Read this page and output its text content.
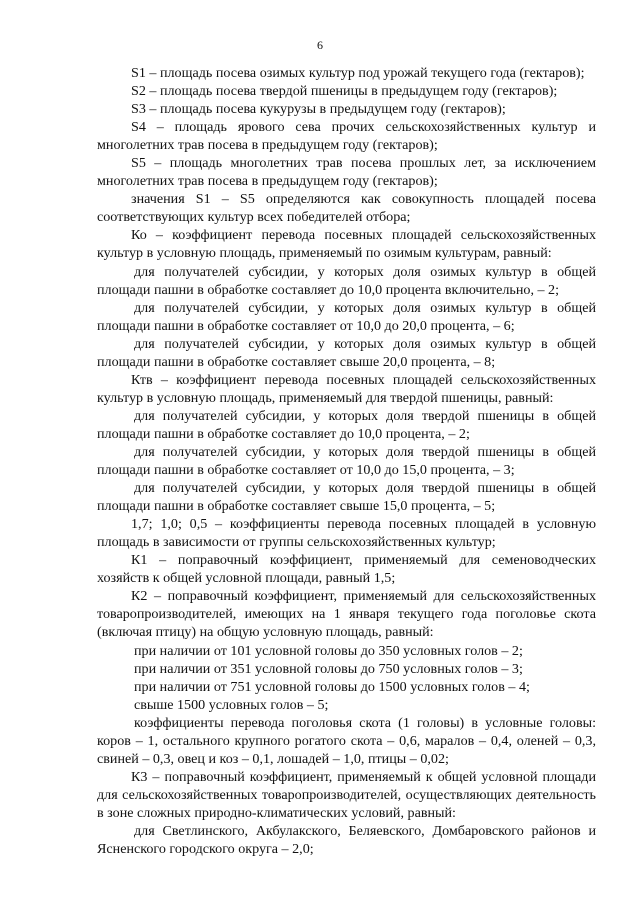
6

S1 – площадь посева озимых культур под урожай текущего года (гектаров);

S2 – площадь посева твердой пшеницы в предыдущем году (гектаров);

S3 – площадь посева кукурузы в предыдущем году (гектаров);

S4 – площадь ярового сева прочих сельскохозяйственных культур и многолетних трав посева в предыдущем году (гектаров);

S5 – площадь многолетних трав посева прошлых лет, за исключением многолетних трав посева в предыдущем году (гектаров);

значения S1 – S5 определяются как совокупность площадей посева соответствующих культур всех победителей отбора;

Ко – коэффициент перевода посевных площадей сельскохозяйственных культур в условную площадь, применяемый по озимым культурам, равный:

для получателей субсидии, у которых доля озимых культур в общей площади пашни в обработке составляет до 10,0 процента включительно, – 2;

для получателей субсидии, у которых доля озимых культур в общей площади пашни в обработке составляет от 10,0 до 20,0 процента, – 6;

для получателей субсидии, у которых доля озимых культур в общей площади пашни в обработке составляет свыше 20,0 процента, – 8;

Ктв – коэффициент перевода посевных площадей сельскохозяйственных культур в условную площадь, применяемый для твердой пшеницы, равный:

для получателей субсидии, у которых доля твердой пшеницы в общей площади пашни в обработке составляет до 10,0 процента, – 2;

для получателей субсидии, у которых доля твердой пшеницы в общей площади пашни в обработке составляет от 10,0 до 15,0 процента, – 3;

для получателей субсидии, у которых доля твердой пшеницы в общей площади пашни в обработке составляет свыше 15,0 процента, – 5;

1,7; 1,0; 0,5 – коэффициенты перевода посевных площадей в условную площадь в зависимости от группы сельскохозяйственных культур;

К1 – поправочный коэффициент, применяемый для семеноводческих хозяйств к общей условной площади, равный 1,5;

К2 – поправочный коэффициент, применяемый для сельскохозяйственных товаропроизводителей, имеющих на 1 января текущего года поголовье скота (включая птицу) на общую условную площадь, равный:

при наличии от 101 условной головы до 350 условных голов – 2;

при наличии от 351 условной головы до 750 условных голов – 3;

при наличии от 751 условной головы до 1500 условных голов – 4;

свыше 1500 условных голов – 5;

коэффициенты перевода поголовья скота (1 головы) в условные головы: коров – 1, остального крупного рогатого скота – 0,6, маралов – 0,4, оленей – 0,3, свиней – 0,3, овец и коз – 0,1, лошадей – 1,0, птицы – 0,02;

К3 – поправочный коэффициент, применяемый к общей условной площади для сельскохозяйственных товаропроизводителей, осуществляющих деятельность в зоне сложных природно-климатических условий, равный:

для Светлинского, Акбулакского, Беляевского, Домбаровского районов и Ясненского городского округа – 2,0;
